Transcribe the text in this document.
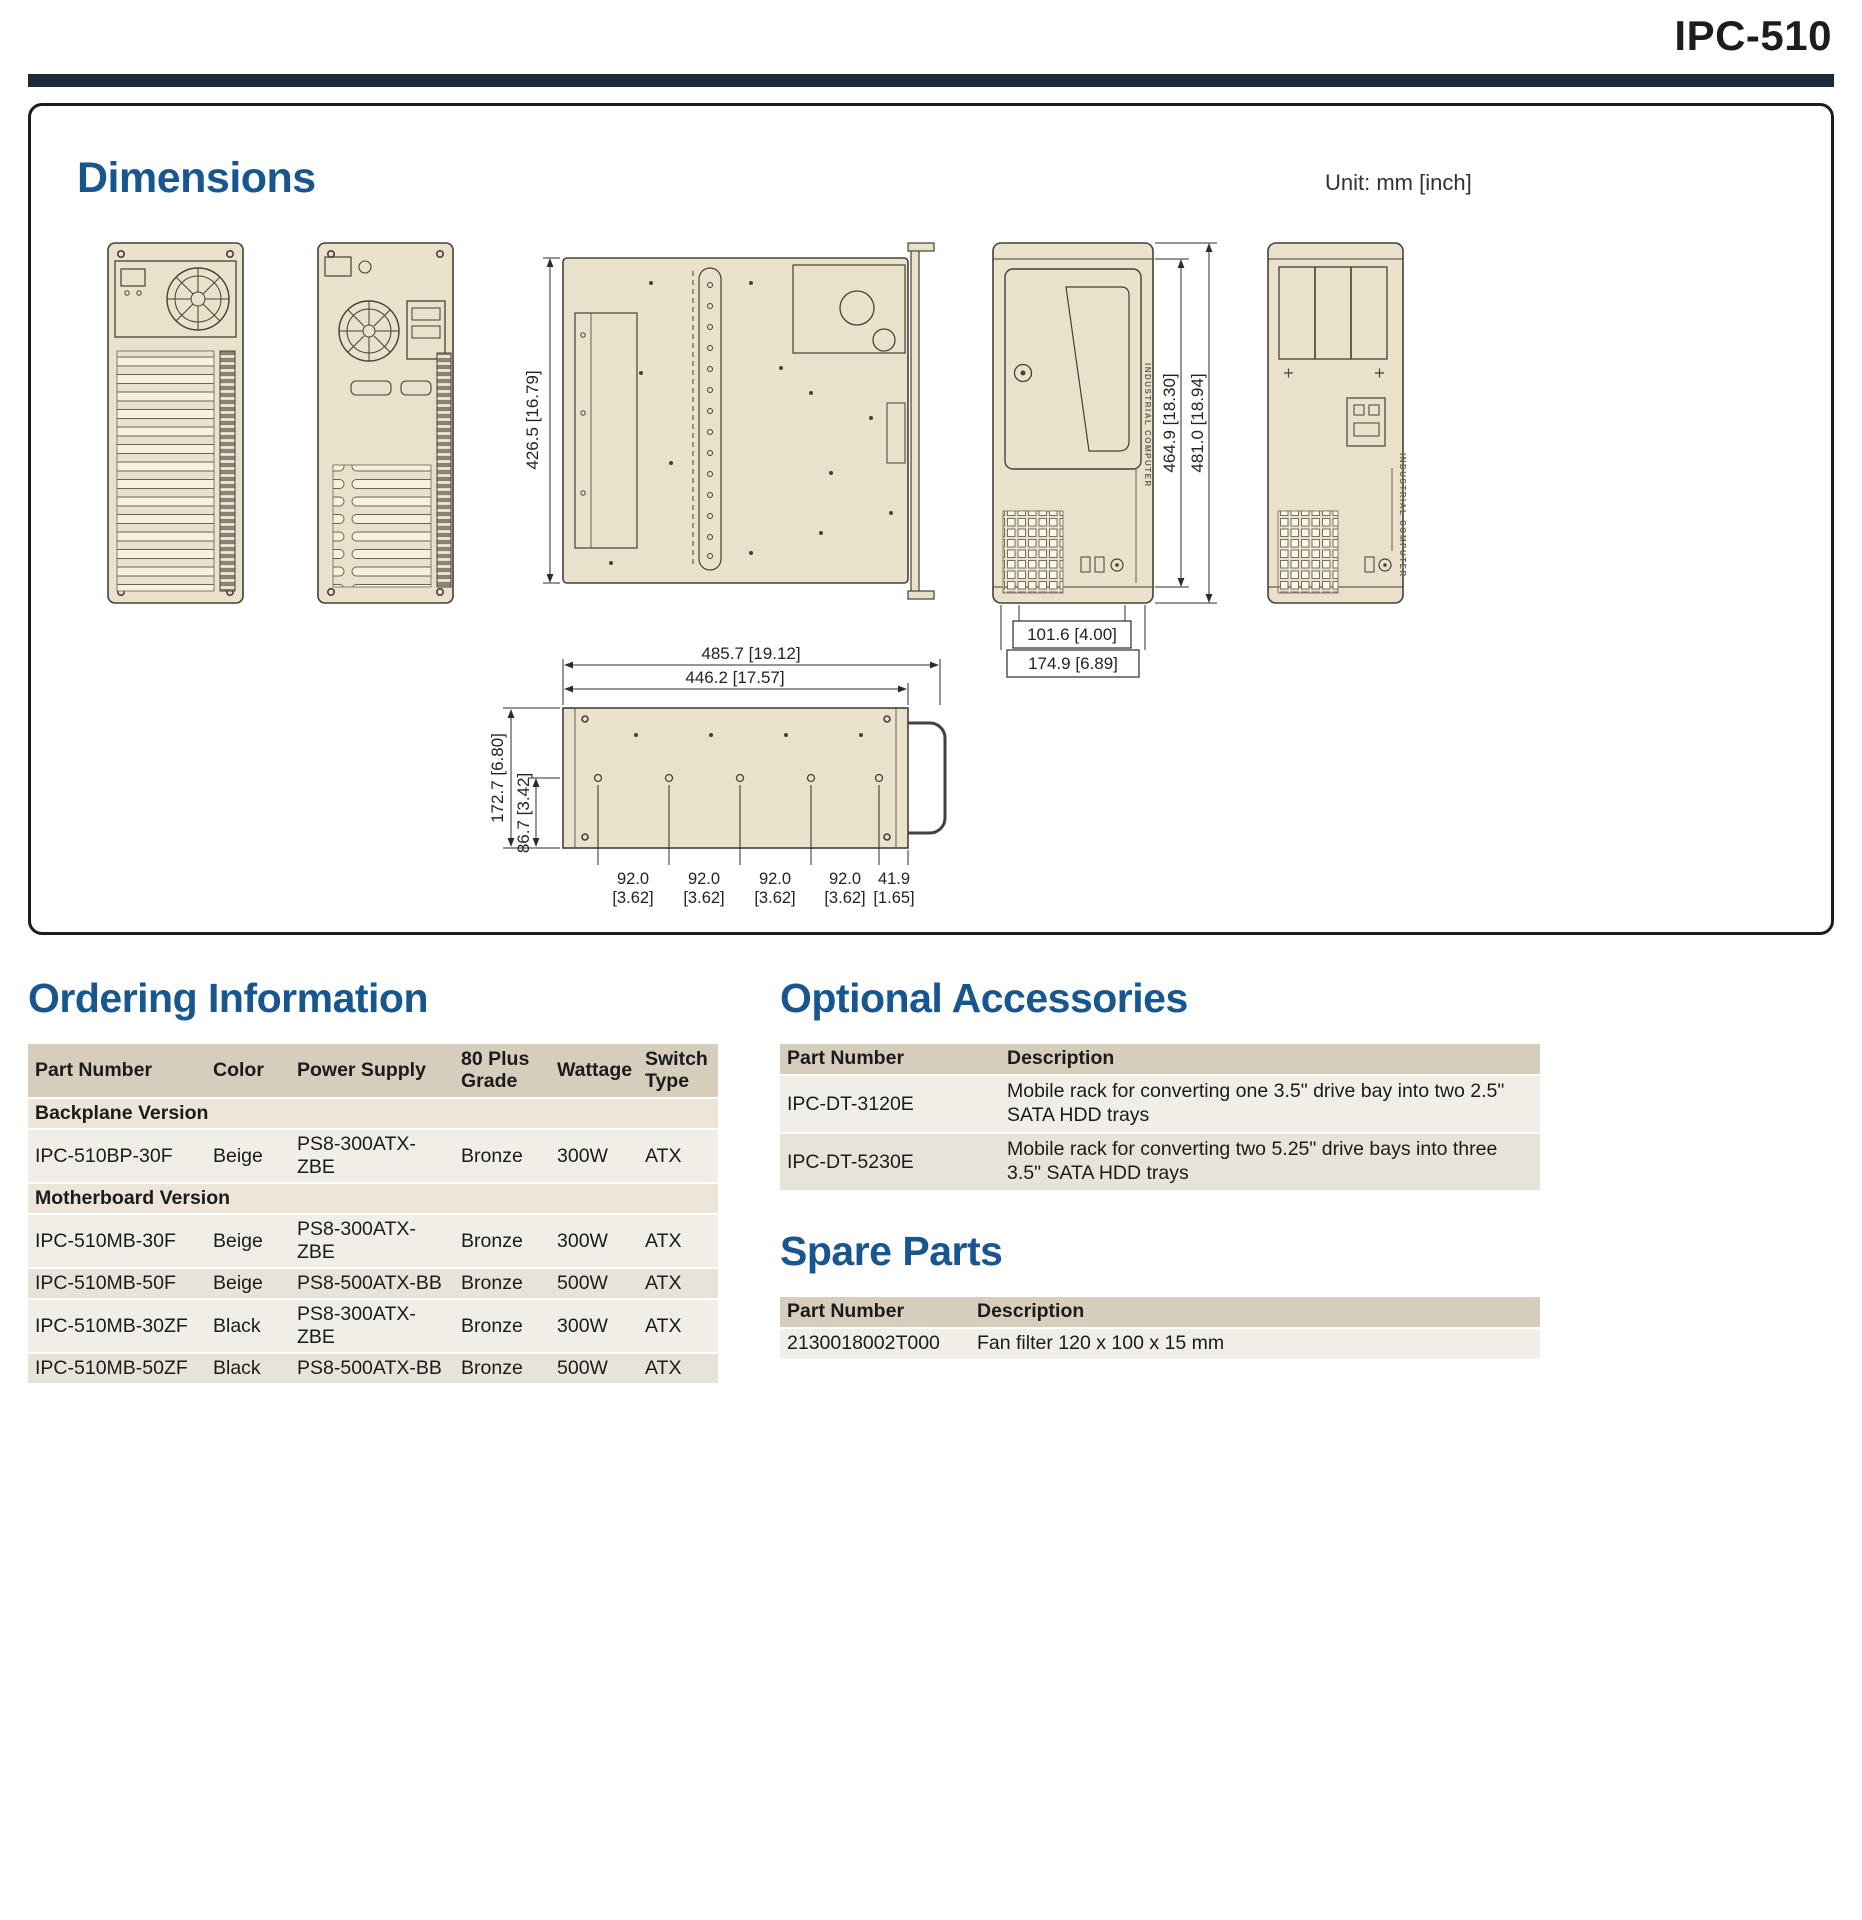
IPC-510
Dimensions	Unit: mm [inch]
INDUSTRIAL COMPUTER
INDUSTRIAL COMPUTER
426.5 [16.79]	464.9 [18.30] 481.0 [18.94]
101.6 [4.00]
174.9 [6.89]
485.7 [19.12]
446.2 [17.57]
172.7 [6.80] 86.7 [3.42]
92.0
[3.62]
92.0
[3.62]
92.0
[3.62]
92.0
[3.62]
41.9
[1.65]
Ordering Information
Part Number	Color	Power Supply	80 Plus Grade	Wattage	Switch Type
Backplane Version					
IPC-510BP-30F	Beige	PS8-300ATX-ZBE	Bronze	300W	ATX
Motherboard Version					
IPC-510MB-30F	Beige	PS8-300ATX-ZBE	Bronze	300W	ATX
IPC-510MB-50F	Beige	PS8-500ATX-BB	Bronze	500W	ATX
IPC-510MB-30ZF	Black	PS8-300ATX-ZBE	Bronze	300W	ATX
IPC-510MB-50ZF	Black	PS8-500ATX-BB	Bronze	500W	ATX
Optional Accessories
Part Number	Description
IPC-DT-3120E	Mobile rack for converting one 3.5" drive bay into two 2.5" SATA HDD trays
IPC-DT-5230E	Mobile rack for converting two 5.25" drive bays into three 3.5" SATA HDD trays
Spare Parts
Part Number	Description
2130018002T000	Fan filter 120 x 100 x 15 mm
